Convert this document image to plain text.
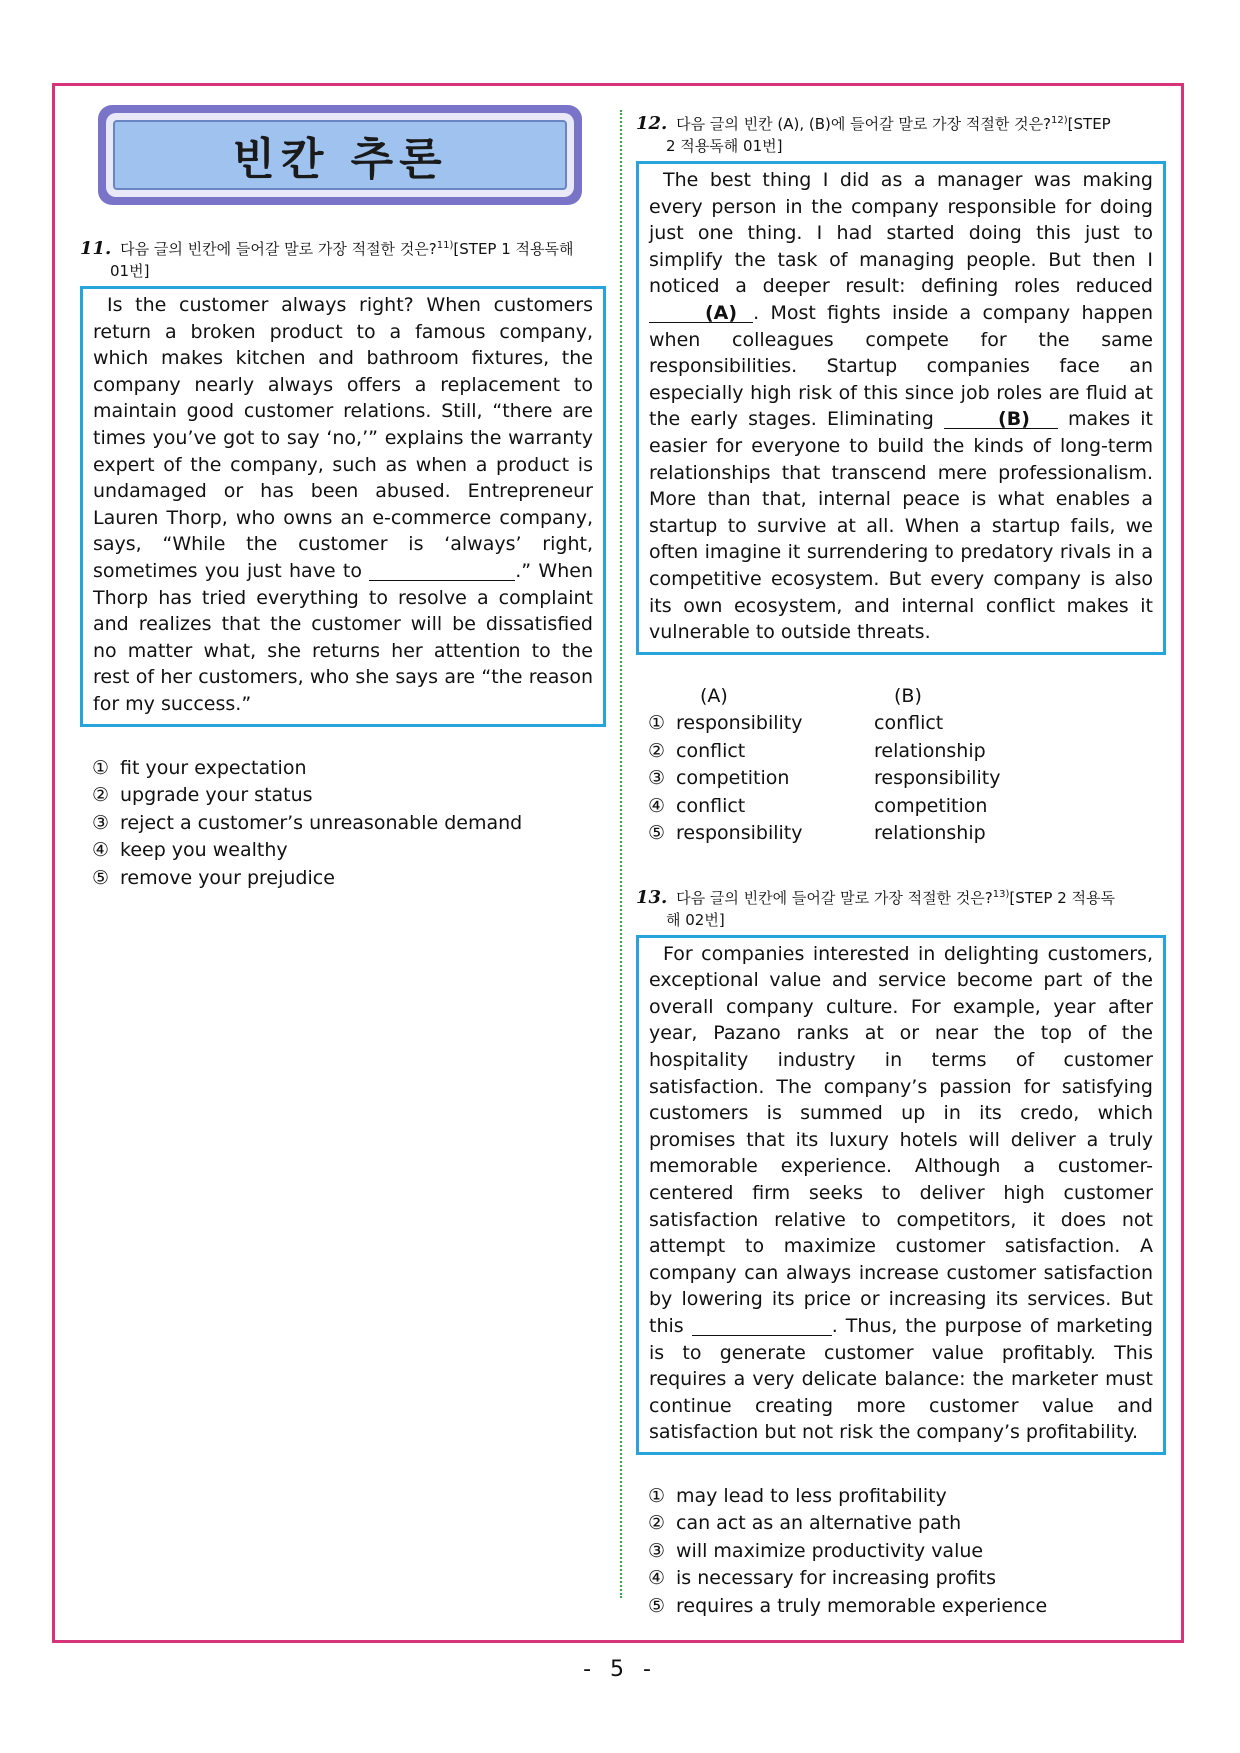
빈칸 추론
11. 다음 글의 빈칸에 들어갈 말로 가장 적절한 것은?$^{11)}$[STEP 1 적용독해
01번]

Is the customer always right? When customers return a broken product to a famous company, which makes kitchen and bathroom fixtures, the company nearly always offers a replacement to maintain good customer relations. Still, “there are times you’ve got to say ‘no,’” explains the warranty expert of the company, such as when a product is undamaged or has been abused. Entrepreneur Lauren Thorp, who owns an e-commerce company, says, “While the customer is ‘always’ right, sometimes you just have to	.” When Thorp has tried everything to resolve a complaint and realizes that the customer will be dissatisfied no matter what, she returns her attention to the rest of her customers, who she says are “the reason for my success.”

① fit your expectation
② upgrade your status
③ reject a customer’s unreasonable demand
④ keep you wealthy
⑤ remove your prejudice
12. 다음 글의 빈칸 (A), (B)에 들어갈 말로 가장 적절한 것은?$^{12)}$[STEP
2 적용독해 01번]

The best thing I did as a manager was making every person in the company responsible for doing just one thing. I had started doing this just to simplify the task of managing people. But then I noticed a deeper result: defining roles reduced (A) . Most fights inside a company happen when colleagues compete for the same responsibilities. Startup companies face an especially high risk of this since job roles are fluid at the early stages. Eliminating	(B) makes it easier for everyone to build the kinds of long-term relationships that transcend mere professionalism. More than that, internal peace is what enables a startup to survive at all. When a startup fails, we often imagine it surrendering to predatory rivals in a competitive ecosystem. But every company is also its own ecosystem, and internal conflict makes it vulnerable to outside threats.

(A)	(B)
① responsibility	conflict
② conflict	relationship
③ competition	responsibility
④ conflict	competition
⑤ responsibility	relationship
13. 다음 글의 빈칸에 들어갈 말로 가장 적절한 것은?$^{13)}$[STEP 2 적용독
해 02번]

For companies interested in delighting customers, exceptional value and service become part of the overall company culture. For example, year after year, Pazano ranks at or near the top of the hospitality industry in terms of customer satisfaction. The company’s passion for satisfying customers is summed up in its credo, which promises that its luxury hotels will deliver a truly memorable experience. Although a customer-centered firm seeks to deliver high customer satisfaction relative to competitors, it does not attempt to maximize customer satisfaction. A company can always increase customer satisfaction by lowering its price or increasing its services. But this	. Thus, the purpose of marketing is to generate customer value profitably. This requires a very delicate balance: the marketer must continue creating more customer value and satisfaction but not risk the company’s profitability.

① may lead to less profitability
② can act as an alternative path
③ will maximize productivity value
④ is necessary for increasing profits
⑤ requires a truly memorable experience
- 5 -
